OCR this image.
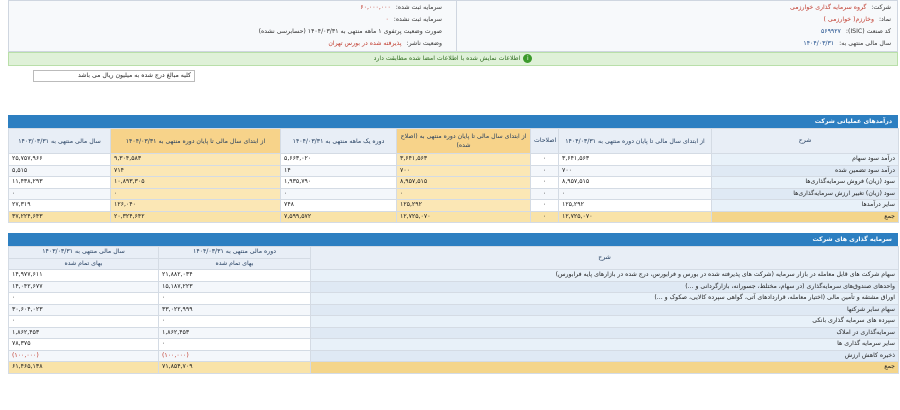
شرکت: گروه سرمایه گذاری خوارزمی
نماد: وخارزم( خوارزمی )
کد صنعت (ISIC): ۵۶۹۹۲۷
سال مالی منتهی به: ۱۴۰۴/۰۳/۳۱
سرمایه ثبت شده: ۶۰,۰۰۰,۰۰۰
سرمایه ثبت نشده: ۰
صورت وضعیت پرتفوی ۱ ماهه منتهی به ۱۴۰۴/۰۳/۳۱ (حسابرسی نشده)
وضعیت ناشر: پذیرفته شده در بورس تهران
iاطلاعات نمایش شده با اطلاعات امضا شده مطابقت دارد
کلیه مبالغ درج شده به میلیون ریال می باشد
درآمدهای عملیاتی شرکت
سال مالی منتهی به ۱۴۰۳/۰۳/۳۱	از ابتدای سال مالی تا پایان دوره منتهی به ۱۴۰۴/۰۳/۳۱	دوره یک ماهه منتهی به ۱۴۰۴/۰۳/۳۱	از ابتدای سال مالی تا پایان دوره منتهی به (اصلاح شده)	اصلاحات	از ابتدای سال مالی تا پایان دوره منتهی به ۱۴۰۴/۰۳/۳۱	شرح
۲۵,۷۵۷,۹۶۶	۹,۳۰۴,۵۸۳	۵,۶۶۳,۰۲۰	۳,۶۴۱,۵۶۳	۰	۳,۶۴۱,۵۶۳	درآمد سود سهام
۵,۵۱۵	۷۱۴	۱۴	۷۰۰	۰	۷۰۰	درآمد سود تضمین شده
۱۱,۴۳۸,۲۹۳	۱۰,۸۹۳,۳۰۵	۱,۹۳۵,۷۹۰	۸,۹۵۷,۵۱۵	۰	۸,۹۵۷,۵۱۵	سود (زیان) فروش سرمایه‌گذاری‌ها
۰	۰	۰	۰	۰	۰	سود (زیان) تغییر ارزش سرمایه‌گذاری‌ها
۲۷,۳۱۹	۱۲۶,۰۴۰	۷۴۸	۱۲۵,۲۹۲	۰	۱۲۵,۲۹۲	سایر درآمدها
۳۷,۲۲۴,۶۴۳	۲۰,۳۲۴,۶۴۲	۷,۵۹۹,۵۷۲	۱۲,۷۲۵,۰۷۰	۰	۱۲,۷۲۵,۰۷۰	جمع
سرمایه گذاری های شرکت
سال مالی منتهی به ۱۴۰۳/۰۳/۳۱	دوره مالی منتهی به ۱۴۰۴/۰۳/۳۱	شرح
بهای تمام شده	بهای تمام شده	
۱۴,۹۷۷,۶۱۱	۲۱,۸۸۲,۰۳۴	سهام شرکت های قابل معامله در بازار سرمایه (شرکت های پذیرفته شده در بورس و فرابورس، درج شده در بازارهای پایه فرابورس)
۱۴,۰۴۲,۶۷۷	۱۵,۱۸۷,۲۲۳	واحدهای صندوق‌های سرمایه‌گذاری (در سهام، مختلط، جسورانه، بازارگردانی و ...)
۰	۰	اوراق مشتقه و تأمین مالی (اختیار معامله، قراردادهای آتی، گواهی سپرده کالایی، صکوک و ...)
۳۰,۶۰۴,۰۲۳	۳۳,۰۲۲,۹۹۹	سهام سایر شرکتها
۰	۰	سپرده های سرمایه گذاری بانکی
۱,۸۶۲,۴۵۳	۱,۸۶۲,۴۵۳	سرمایه‌گذاری در املاک
۷۸,۳۷۵	۰	سایر سرمایه گذاری ها
(۱۰۰,۰۰۰)	(۱۰۰,۰۰۰)	ذخیره کاهش ارزش
۶۱,۴۶۵,۱۳۸	۷۱,۸۵۴,۷۰۹	جمع
